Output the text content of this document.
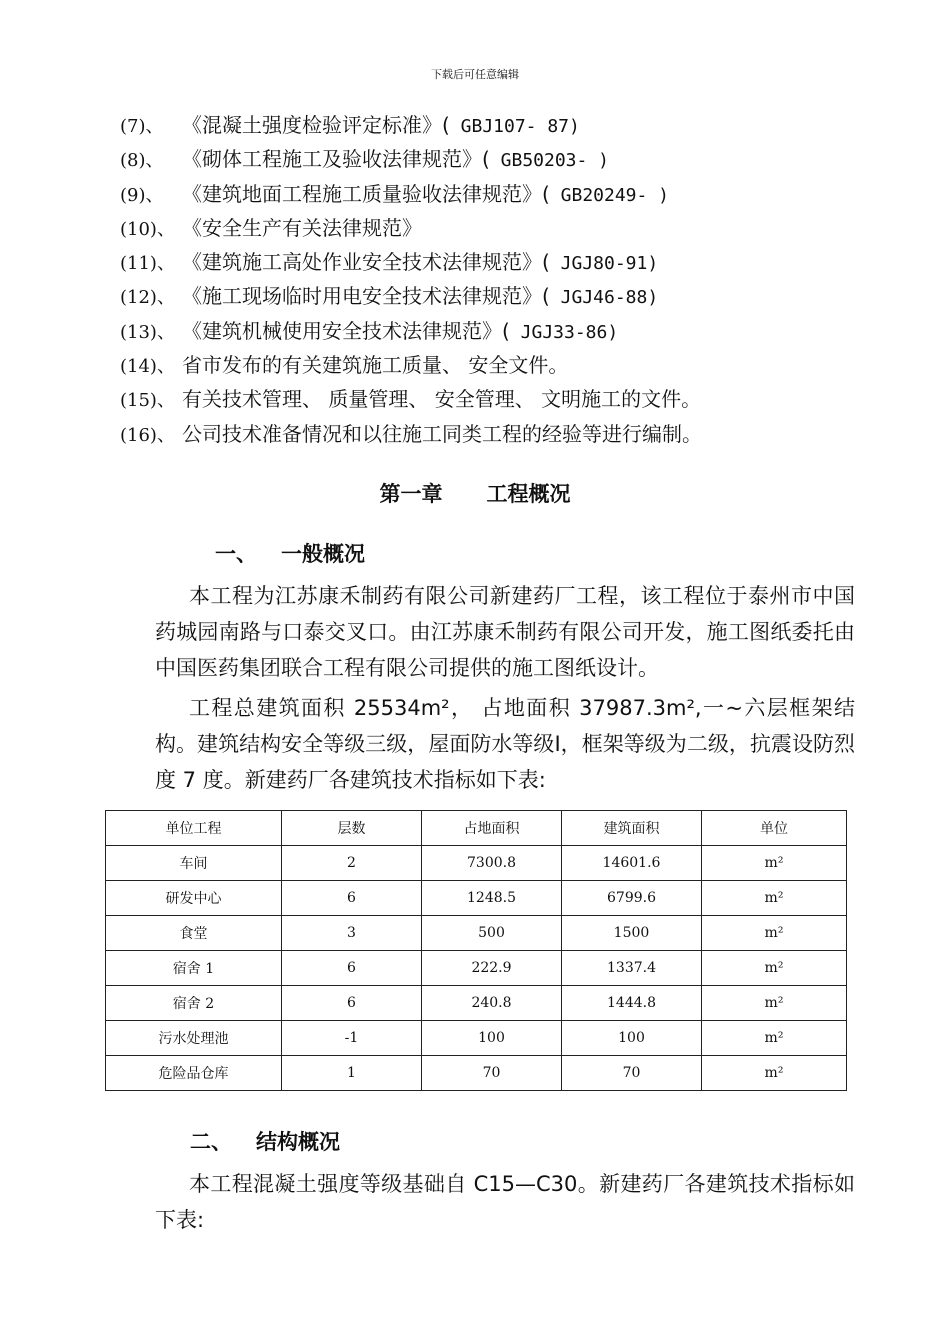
下载后可任意编辑
(7)、 《混凝土强度检验评定标准》( GBJ107- 87)
(8)、 《砌体工程施工及验收法律规范》( GB50203- )
(9)、 《建筑地面工程施工质量验收法律规范》( GB20249- )
(10)、 《安全生产有关法律规范》
(11)、 《建筑施工高处作业安全技术法律规范》( JGJ80-91)
(12)、 《施工现场临时用电安全技术法律规范》( JGJ46-88)
(13)、 《建筑机械使用安全技术法律规范》( JGJ33-86)
(14)、 省市发布的有关建筑施工质量、 安全文件。
(15)、 有关技术管理、 质量管理、 安全管理、 文明施工的文件。
(16)、 公司技术准备情况和以往施工同类工程的经验等进行编制。
第一章 工程概况
一、 一般概况
本工程为江苏康禾制药有限公司新建药厂工程，该工程位于泰州市中国药城园南路与口泰交叉口。由江苏康禾制药有限公司开发，施工图纸委托由中国医药集团联合工程有限公司提供的施工图纸设计。
工程总建筑面积 25534m²， 占地面积 37987.3m²,一~六层框架结构。建筑结构安全等级三级，屋面防水等级I，框架等级为二级，抗震设防烈度 7 度。新建药厂各建筑技术指标如下表:
单位工程	层数	占地面积	建筑面积	单位
车间	2	7300.8	14601.6	m²
研发中心	6	1248.5	6799.6	m²
食堂	3	500	1500	m²
宿舍 1	6	222.9	1337.4	m²
宿舍 2	6	240.8	1444.8	m²
污水处理池	-1	100	100	m²
危险品仓库	1	70	70	m²
二、 结构概况
本工程混凝土强度等级基础自 C15—C30。新建药厂各建筑技术指标如下表:
